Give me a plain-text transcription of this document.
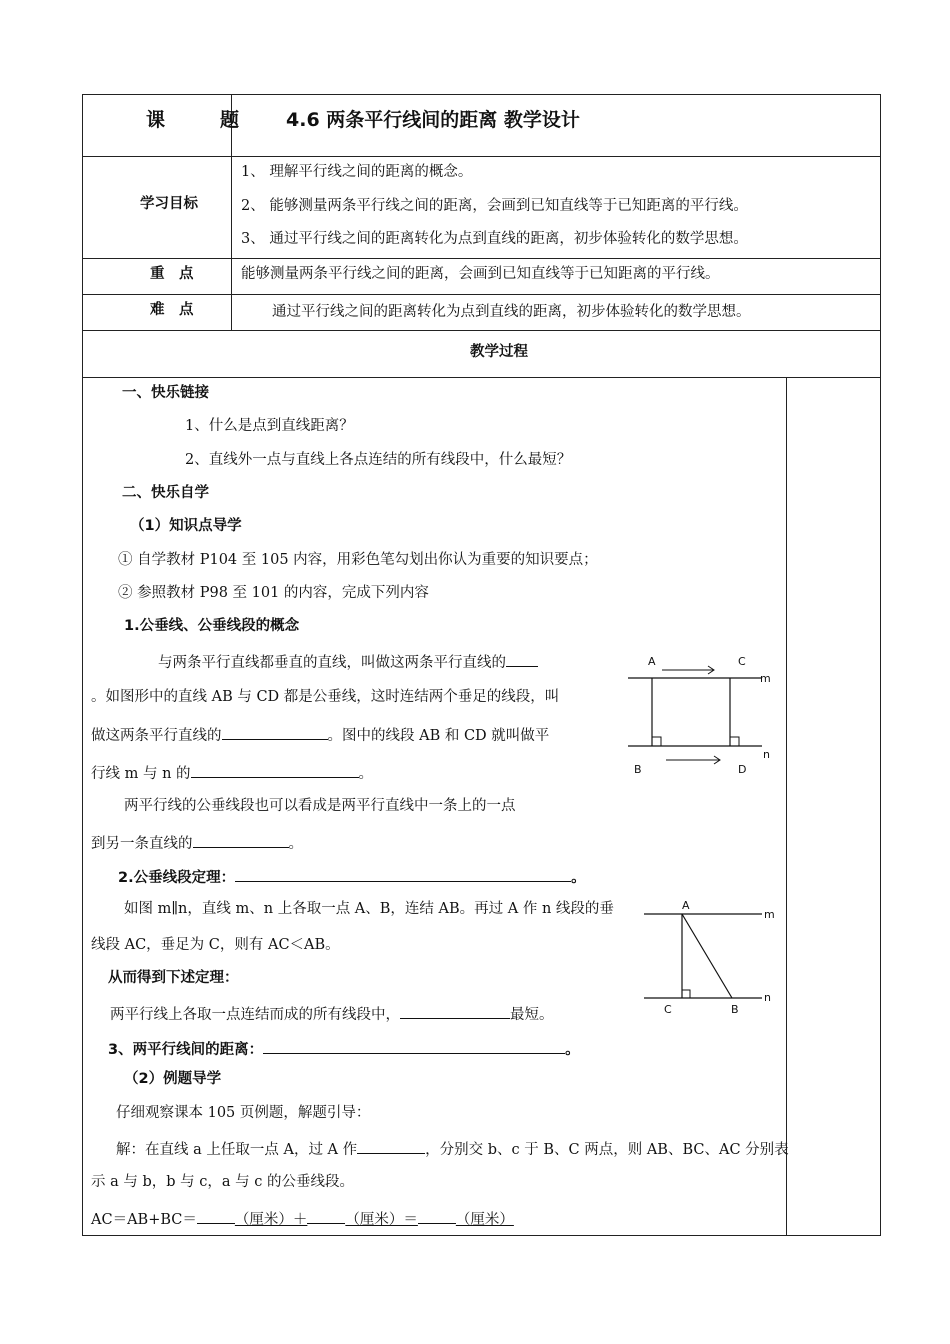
课　题 4.6 两条平行线间的距离 教学设计
学习目标
1、 理解平行线之间的距离的概念。
2、 能够测量两条平行线之间的距离，会画到已知直线等于已知距离的平行线。
3、 通过平行线之间的距离转化为点到直线的距离，初步体验转化的数学思想。
重　点	能够测量两条平行线之间的距离，会画到已知直线等于已知距离的平行线。
难　点	通过平行线之间的距离转化为点到直线的距离，初步体验转化的数学思想。
教学过程
一、快乐链接
1、什么是点到直线距离？
2、直线外一点与直线上各点连结的所有线段中，什么最短？
二、快乐自学
（1）知识点导学
① 自学教材 P104 至 105 内容，用彩色笔勾划出你认为重要的知识要点；
② 参照教材 P98 至 101 的内容，完成下列内容
1.公垂线、公垂线段的概念
与两条平行直线都垂直的直线，叫做这两条平行直线的
。如图形中的直线 AB 与 CD 都是公垂线，这时连结两个垂足的线段，叫
做这两条平行直线的	。图中的线段 AB 和 CD 就叫做平
行线 m 与 n 的	。
两平行线的公垂线段也可以看成是两平行直线中一条上的一点
到另一条直线的	。
2.公垂线段定理：	。
如图 m∥n，直线 m、n 上各取一点 A、B，连结 AB。再过 A 作 n 线段的垂
线段 AC，垂足为 C，则有 AC＜AB。
从而得到下述定理：
两平行线上各取一点连结而成的所有线段中，	最短。
3、两平行线间的距离：	。
（2）例题导学
仔细观察课本 105 页例题，解题引导：
解：在直线 a 上任取一点 A，过 A 作	，分别交 b、c 于 B、C 两点，则 AB、BC、AC 分别表
示 a 与 b，b 与 c，a 与 c 的公垂线段。
AC＝AB+BC＝	（厘米）＋	（厘米）＝	（厘米）
A	C
B	D
m
n
A
C	B
m
n
